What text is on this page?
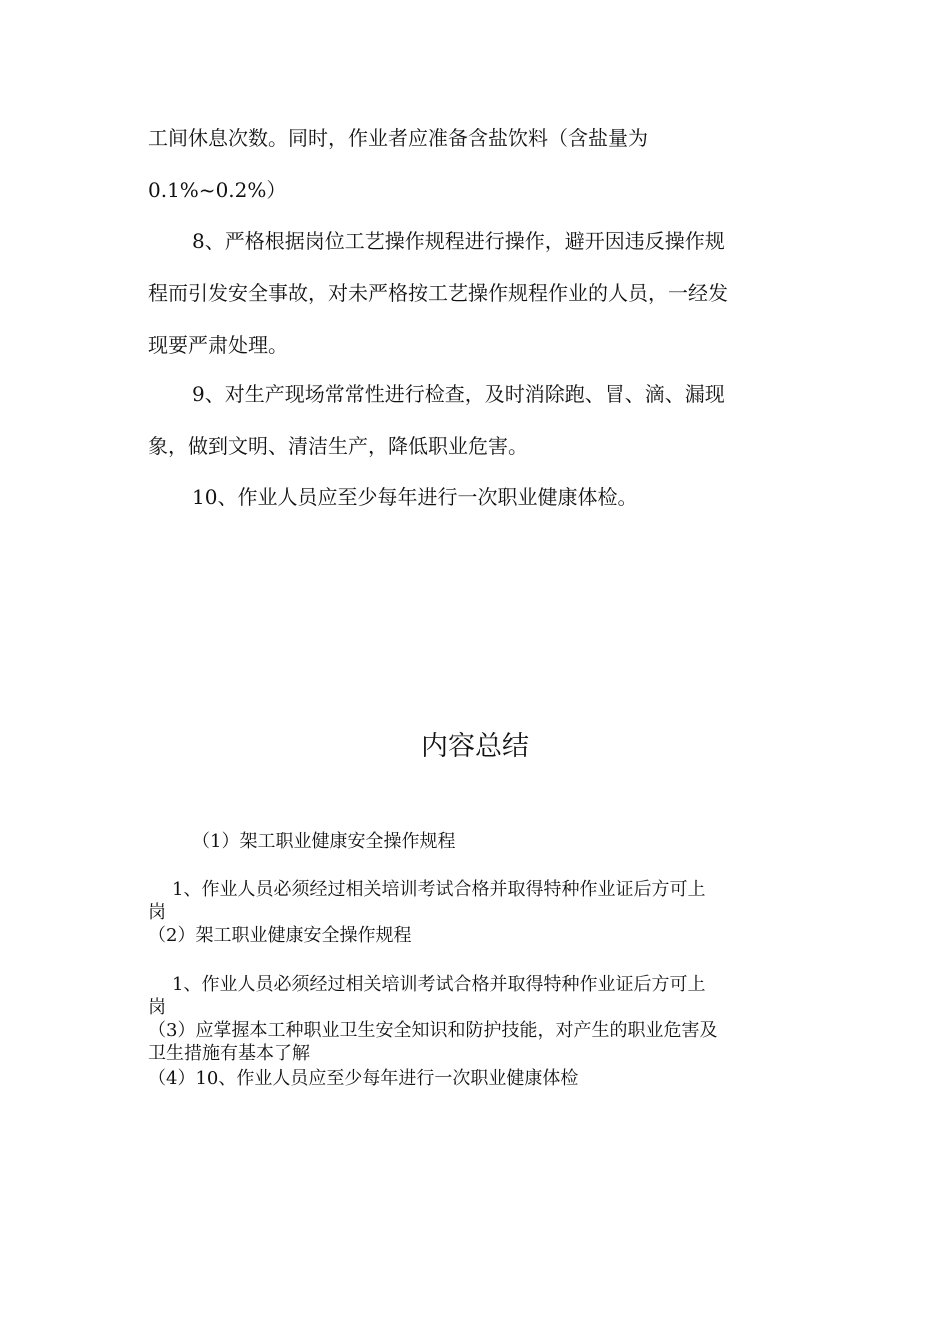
工间休息次数。同时，作业者应准备含盐饮料（含盐量为
0.1%~0.2%）
8、严格根据岗位工艺操作规程进行操作，避开因违反操作规
程而引发安全事故，对未严格按工艺操作规程作业的人员，一经发
现要严肃处理。
9、对生产现场常常性进行检查，及时消除跑、冒、滴、漏现
象，做到文明、清洁生产，降低职业危害。
10、作业人员应至少每年进行一次职业健康体检。
内容总结
（1）架工职业健康安全操作规程
1、作业人员必须经过相关培训考试合格并取得特种作业证后方可上
岗
（2）架工职业健康安全操作规程
1、作业人员必须经过相关培训考试合格并取得特种作业证后方可上
岗
（3）应掌握本工种职业卫生安全知识和防护技能，对产生的职业危害及
卫生措施有基本了解
（4）10、作业人员应至少每年进行一次职业健康体检
